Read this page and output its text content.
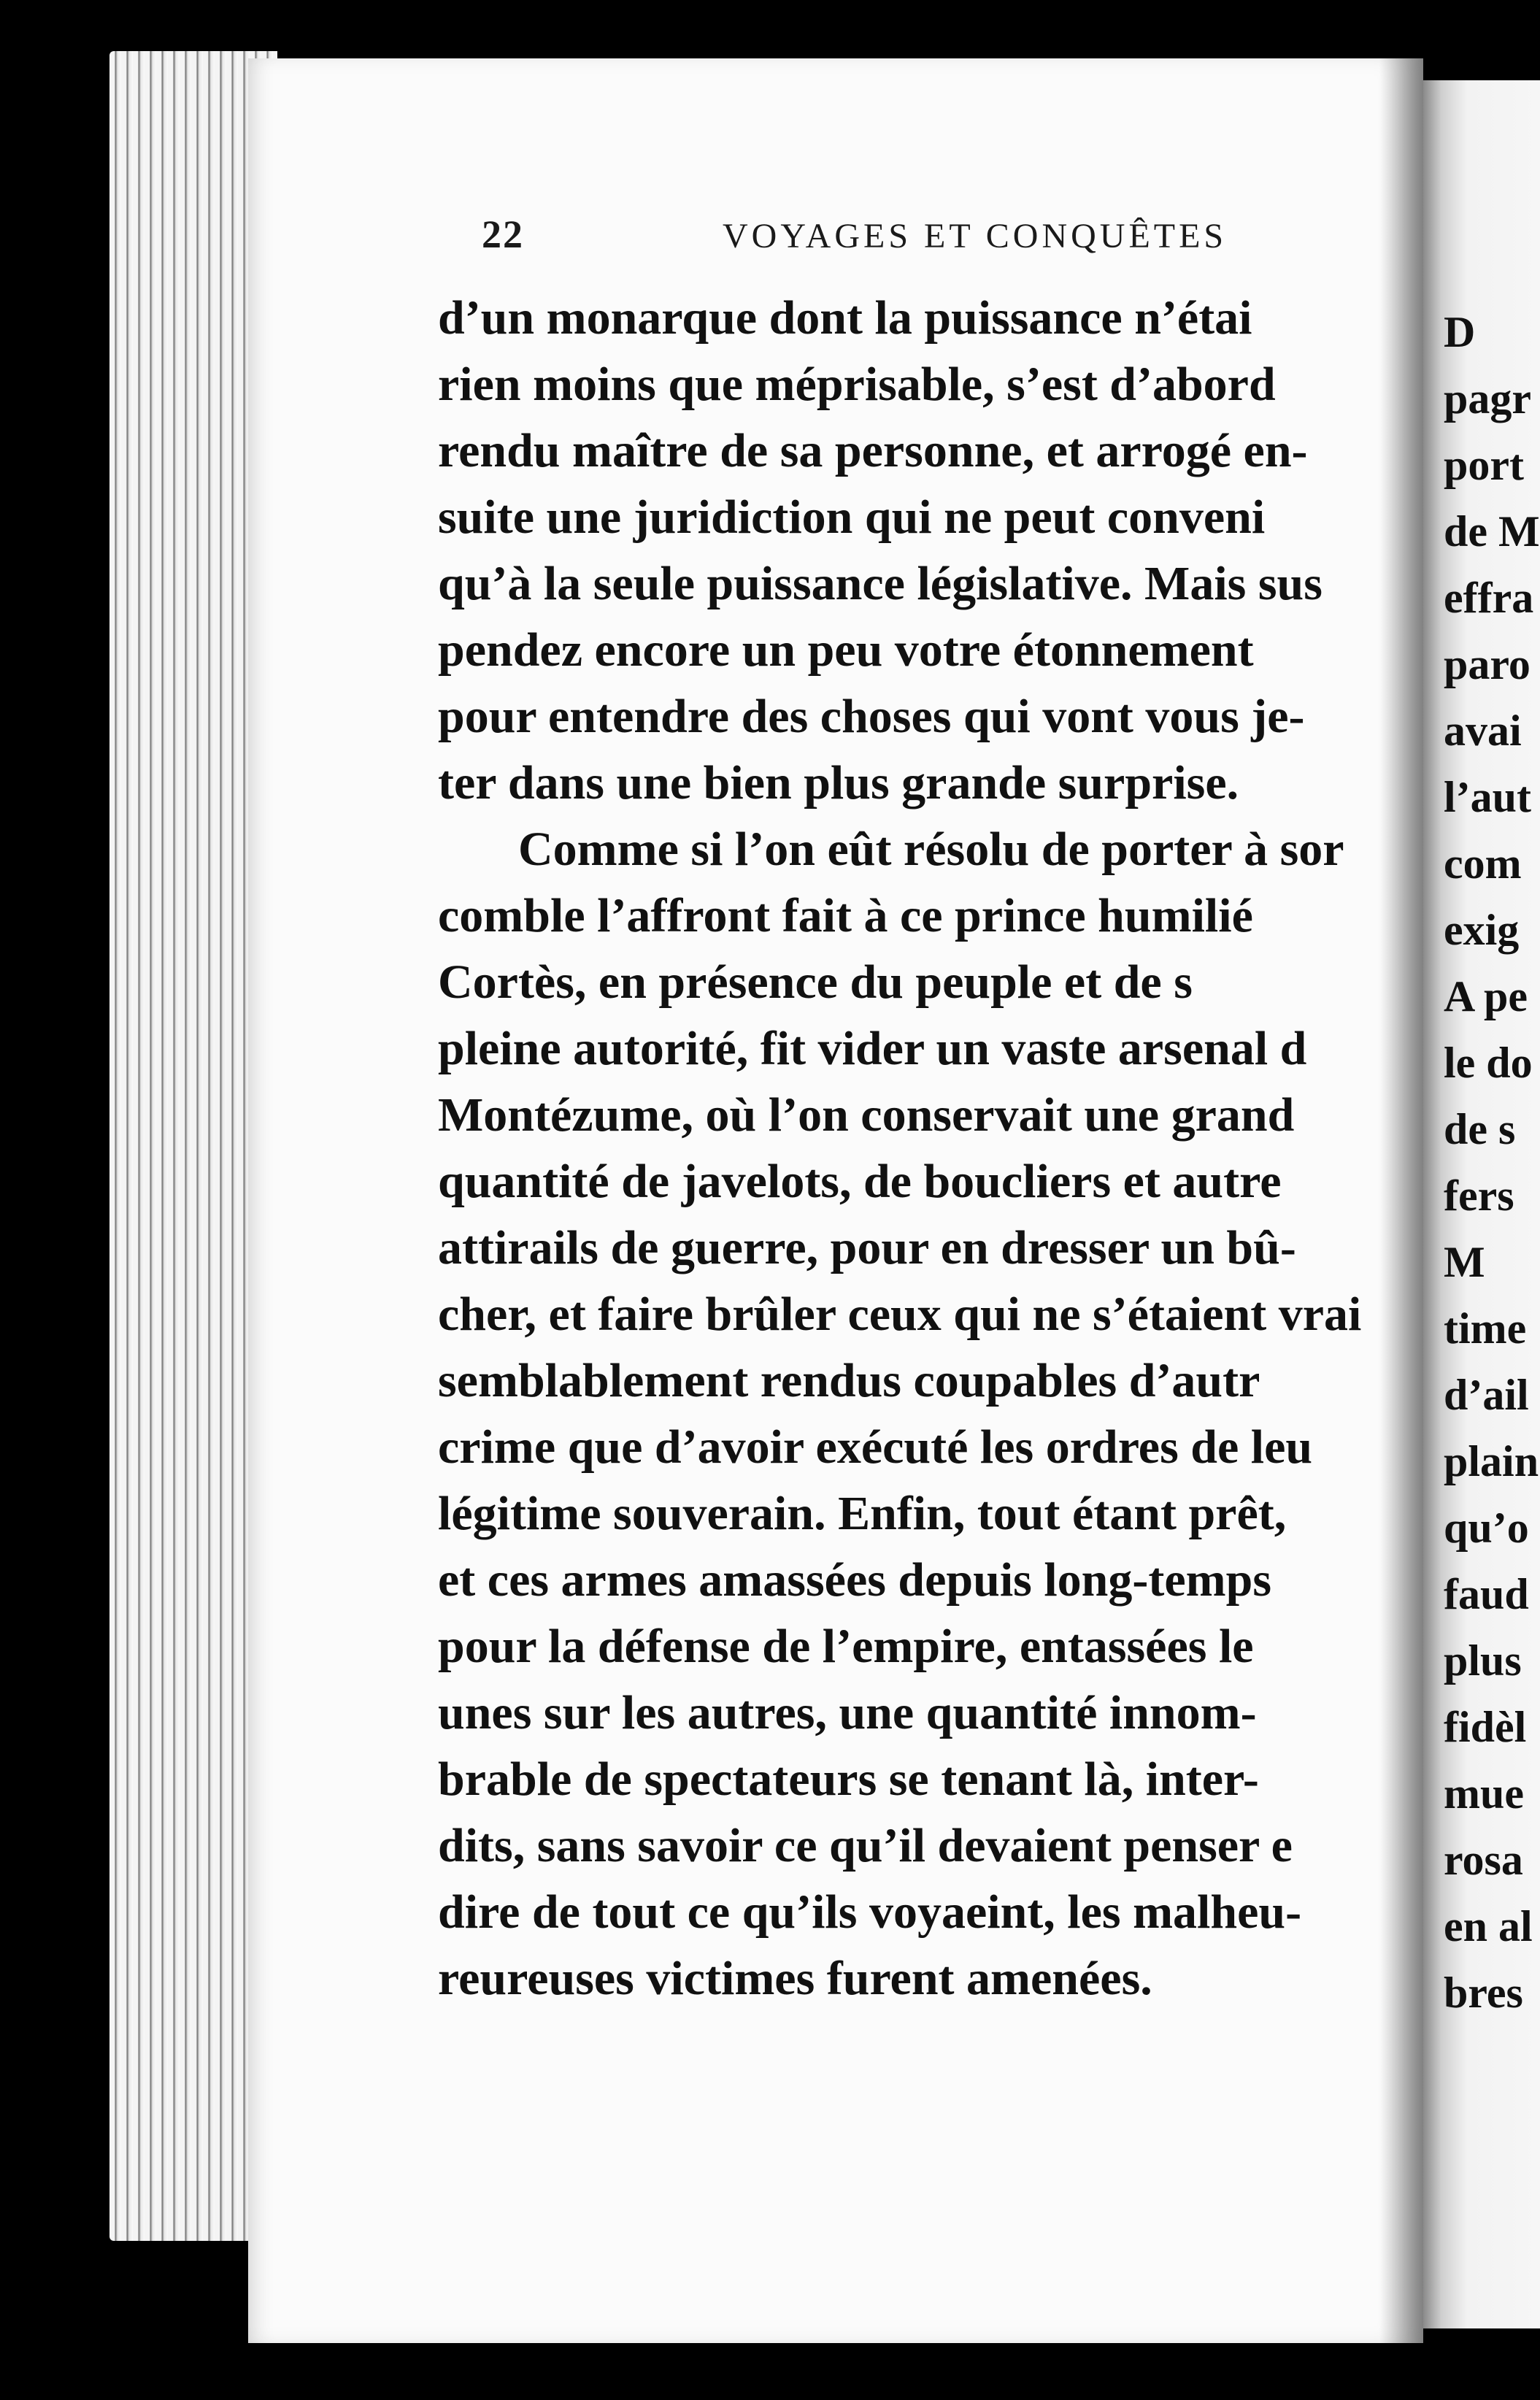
22	VOYAGES ET CONQUÊTES
d’un monarque dont la puissance n’étai
rien moins que méprisable, s’est d’abord
rendu maître de sa personne, et arrogé en-
suite une juridiction qui ne peut conveni
qu’à la seule puissance législative. Mais sus
pendez encore un peu votre étonnement
pour entendre des choses qui vont vous je-
ter dans une bien plus grande surprise.
Comme si l’on eût résolu de porter à sor
comble l’affront fait à ce prince humilié
Cortès, en présence du peuple et de s
pleine autorité, fit vider un vaste arsenal d
Montézume, où l’on conservait une grand
quantité de javelots, de boucliers et autre
attirails de guerre, pour en dresser un bû-
cher, et faire brûler ceux qui ne s’étaient vrai
semblablement rendus coupables d’autr
crime que d’avoir exécuté les ordres de leu
légitime souverain. Enfin, tout étant prêt,
et ces armes amassées depuis long-temps
pour la défense de l’empire, entassées le
unes sur les autres, une quantité innom-
brable de spectateurs se tenant là, inter-
dits, sans savoir ce qu’il devaient penser e
dire de tout ce qu’ils voyaeint, les malheu-
reureuses victimes furent amenées.
D
pagr
port
de M
effra
paro
avai
l’aut
com
exig
A pe
le do
de s
fers
M
time
d’ail
plain
qu’o
faud
plus
fidèl
mue
rosa
en al
bres
